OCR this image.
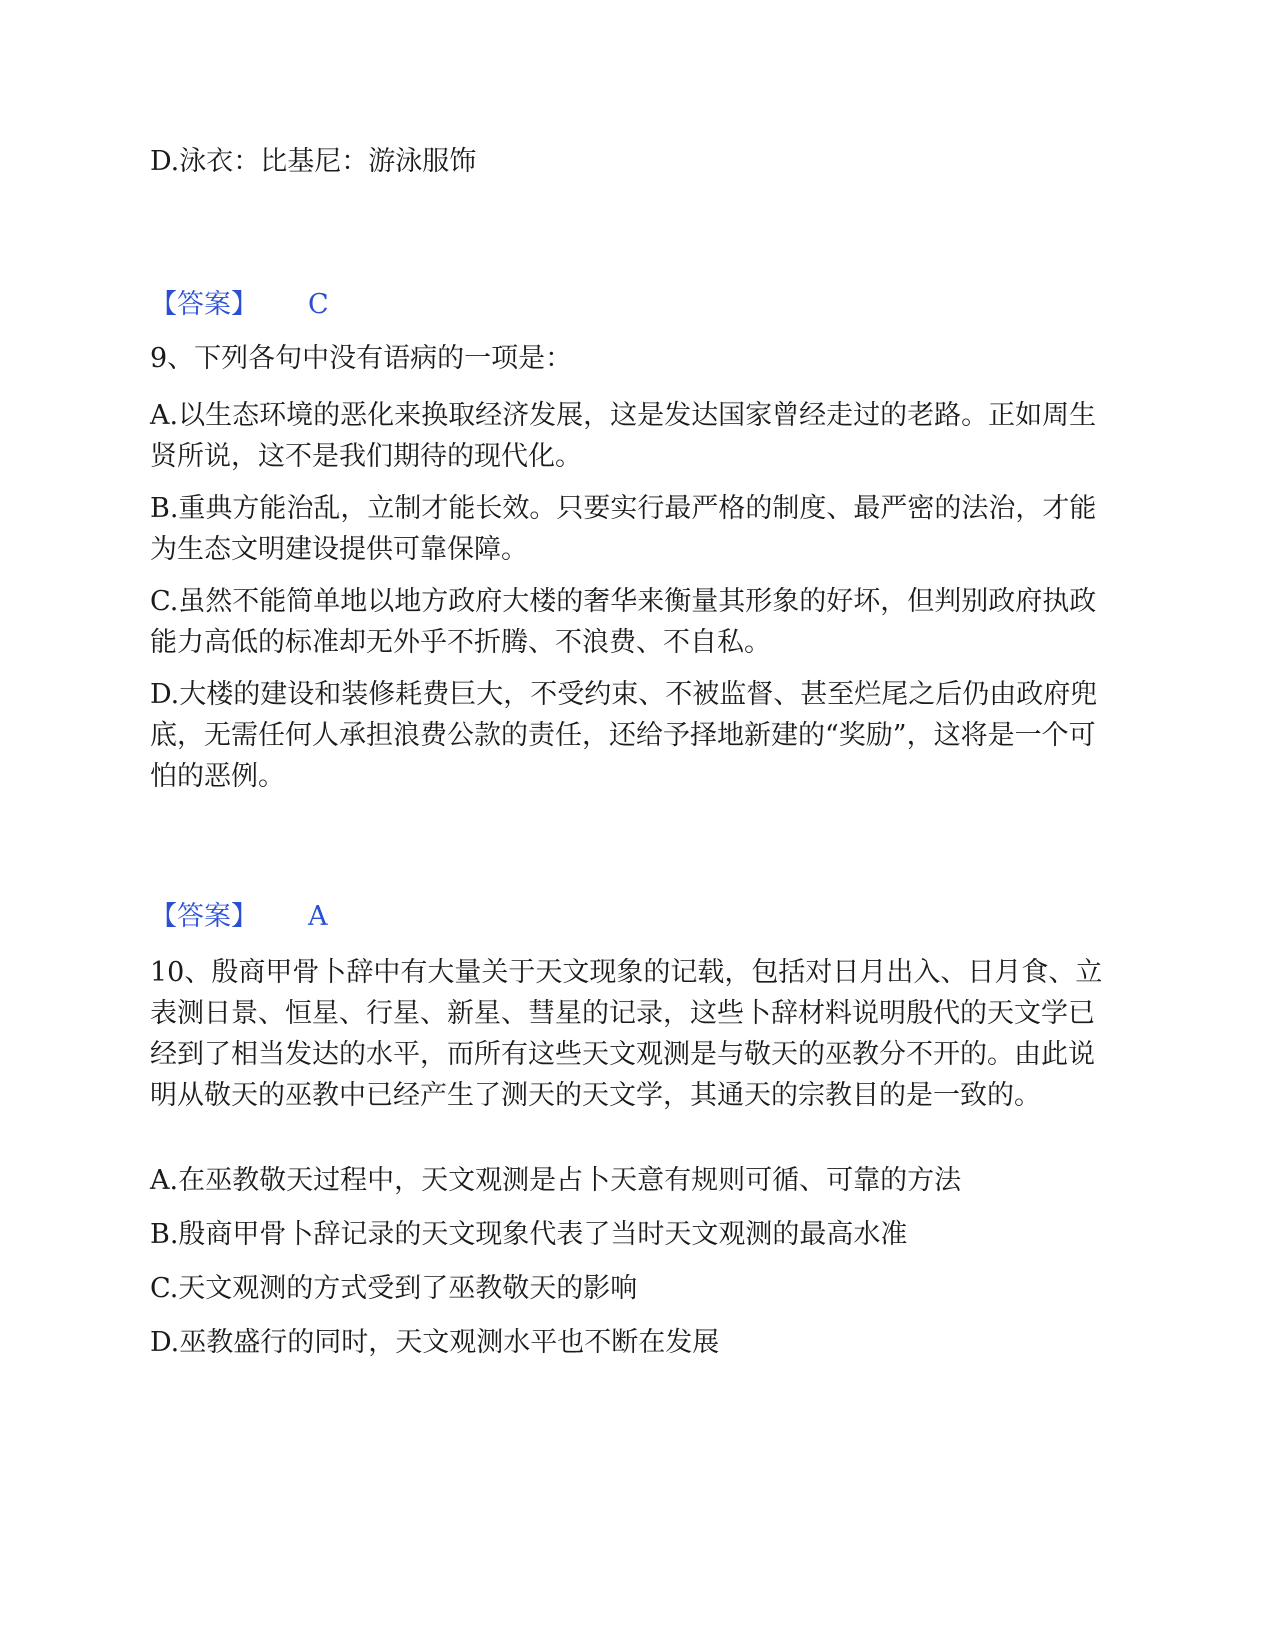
D.泳衣：比基尼：游泳服饰
【答案】 C
9、下列各句中没有语病的一项是：
A.以生态环境的恶化来换取经济发展，这是发达国家曾经走过的老路。正如周生贤所说，这不是我们期待的现代化。
B.重典方能治乱，立制才能长效。只要实行最严格的制度、最严密的法治，才能为生态文明建设提供可靠保障。
C.虽然不能简单地以地方政府大楼的奢华来衡量其形象的好坏，但判别政府执政能力高低的标准却无外乎不折腾、不浪费、不自私。
D.大楼的建设和装修耗费巨大，不受约束、不被监督、甚至烂尾之后仍由政府兜底，无需任何人承担浪费公款的责任，还给予择地新建的“奖励”，这将是一个可怕的恶例。
【答案】 A
10、殷商甲骨卜辞中有大量关于天文现象的记载，包括对日月出入、日月食、立表测日景、恒星、行星、新星、彗星的记录，这些卜辞材料说明殷代的天文学已经到了相当发达的水平，而所有这些天文观测是与敬天的巫教分不开的。由此说明从敬天的巫教中已经产生了测天的天文学，其通天的宗教目的是一致的。
A.在巫教敬天过程中，天文观测是占卜天意有规则可循、可靠的方法
B.殷商甲骨卜辞记录的天文现象代表了当时天文观测的最高水准
C.天文观测的方式受到了巫教敬天的影响
D.巫教盛行的同时，天文观测水平也不断在发展
